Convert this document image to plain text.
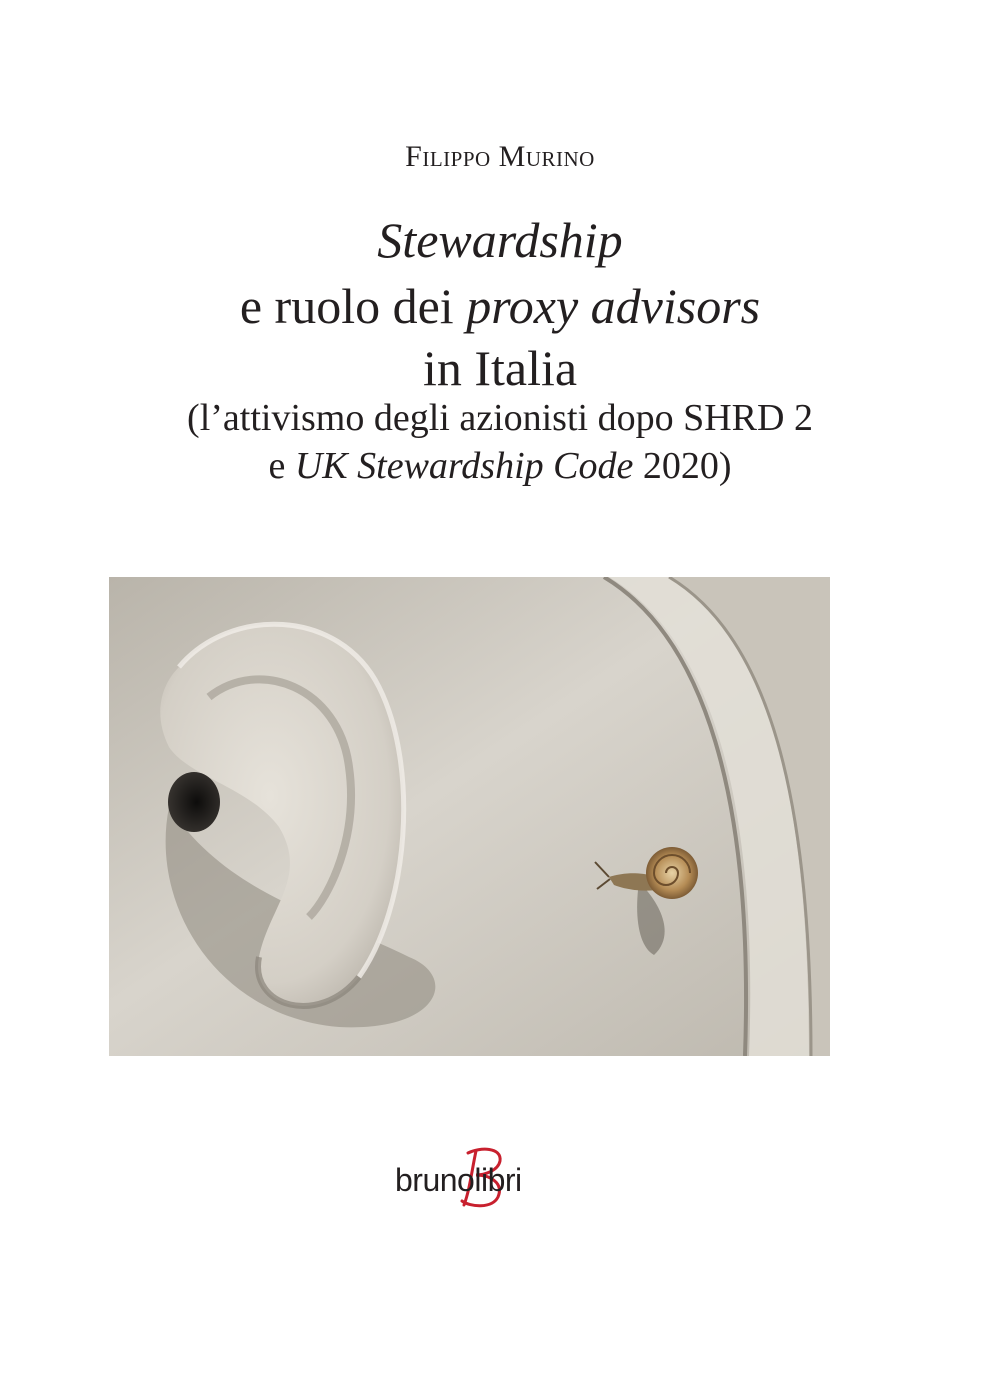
Filippo Murino
Stewardship
e ruolo dei proxy advisors
in Italia
(l’attivismo degli azionisti dopo SHRD 2
e UK Stewardship Code 2020)
brunolibri
